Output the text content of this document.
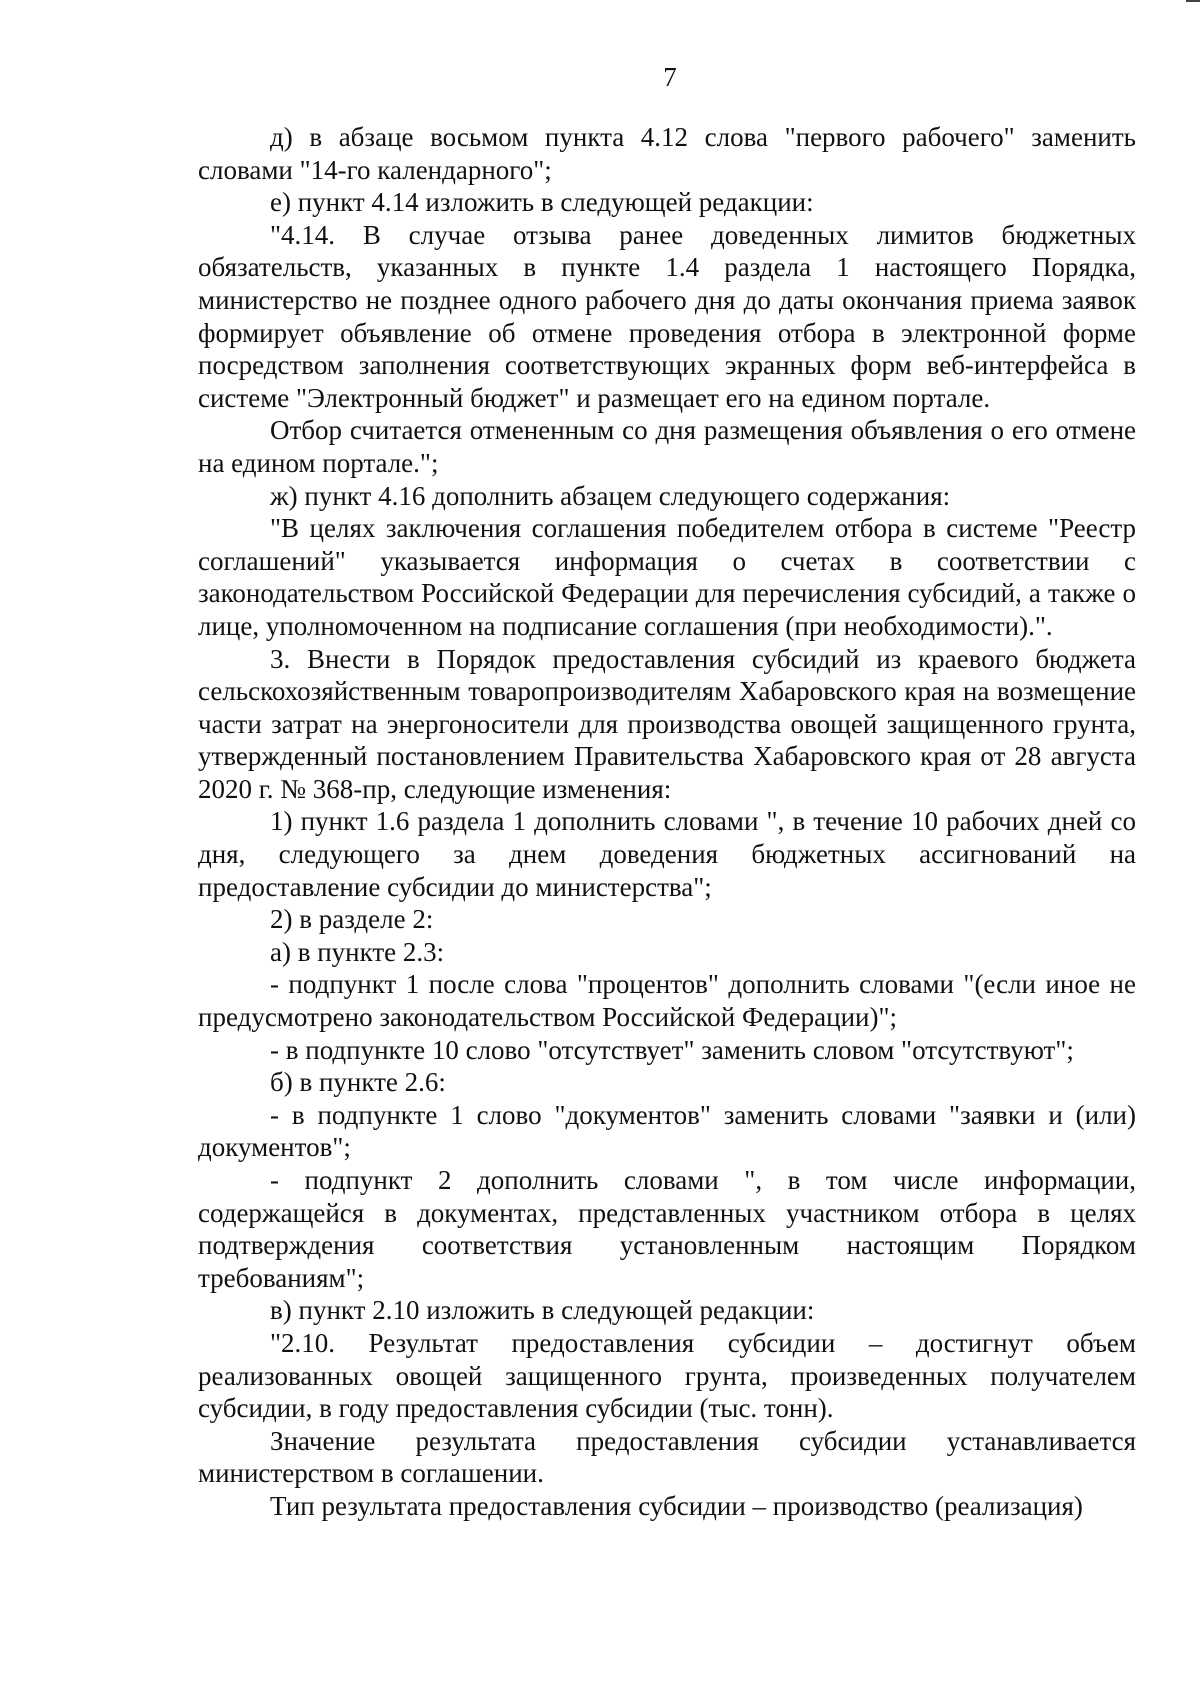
7

д) в абзаце восьмом пункта 4.12 слова "первого рабочего" заменить словами "14-го календарного";

е) пункт 4.14 изложить в следующей редакции:

"4.14. В случае отзыва ранее доведенных лимитов бюджетных обязательств, указанных в пункте 1.4 раздела 1 настоящего Порядка, министерство не позднее одного рабочего дня до даты окончания приема заявок формирует объявление об отмене проведения отбора в электронной форме посредством заполнения соответствующих экранных форм веб-интерфейса в системе "Электронный бюджет" и размещает его на едином портале.

Отбор считается отмененным со дня размещения объявления о его отмене на едином портале.";

ж) пункт 4.16 дополнить абзацем следующего содержания:

"В целях заключения соглашения победителем отбора в системе "Реестр соглашений" указывается информация о счетах в соответствии с законодательством Российской Федерации для перечисления субсидий, а также о лице, уполномоченном на подписание соглашения (при необходимости).".

3. Внести в Порядок предоставления субсидий из краевого бюджета сельскохозяйственным товаропроизводителям Хабаровского края на возмещение части затрат на энергоносители для производства овощей защищенного грунта, утвержденный постановлением Правительства Хабаровского края от 28 августа 2020 г. № 368-пр, следующие изменения:

1) пункт 1.6 раздела 1 дополнить словами ", в течение 10 рабочих дней со дня, следующего за днем доведения бюджетных ассигнований на предоставление субсидии до министерства";

2) в разделе 2:

а) в пункте 2.3:

- подпункт 1 после слова "процентов" дополнить словами "(если иное не предусмотрено законодательством Российской Федерации)";

- в подпункте 10 слово "отсутствует" заменить словом "отсутствуют";

б) в пункте 2.6:

- в подпункте 1 слово "документов" заменить словами "заявки и (или) документов";

- подпункт 2 дополнить словами ", в том числе информации, содержащейся в документах, представленных участником отбора в целях подтверждения соответствия установленным настоящим Порядком требованиям";

в) пункт 2.10 изложить в следующей редакции:

"2.10. Результат предоставления субсидии – достигнут объем реализованных овощей защищенного грунта, произведенных получателем субсидии, в году предоставления субсидии (тыс. тонн).

Значение результата предоставления субсидии устанавливается министерством в соглашении.

Тип результата предоставления субсидии – производство (реализация)
